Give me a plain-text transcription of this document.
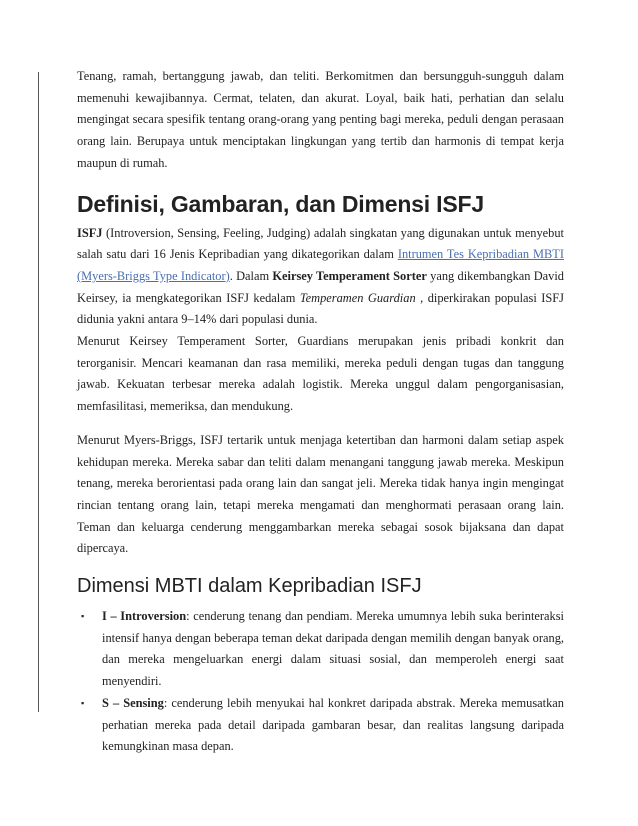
Tenang, ramah, bertanggung jawab, dan teliti. Berkomitmen dan bersungguh-sungguh dalam memenuhi kewajibannya. Cermat, telaten, dan akurat. Loyal, baik hati, perhatian dan selalu mengingat secara spesifik tentang orang-orang yang penting bagi mereka, peduli dengan perasaan orang lain. Berupaya untuk menciptakan lingkungan yang tertib dan harmonis di tempat kerja maupun di rumah.

Definisi, Gambaran, dan Dimensi ISFJ

ISFJ (Introversion, Sensing, Feeling, Judging) adalah singkatan yang digunakan untuk menyebut salah satu dari 16 Jenis Kepribadian yang dikategorikan dalam Intrumen Tes Kepribadian MBTI (Myers-Briggs Type Indicator). Dalam Keirsey Temperament Sorter yang dikembangkan David Keirsey, ia mengkategorikan ISFJ kedalam Temperamen Guardian , diperkirakan populasi ISFJ didunia yakni antara 9–14% dari populasi dunia.

Menurut Keirsey Temperament Sorter, Guardians merupakan jenis pribadi konkrit dan terorganisir. Mencari keamanan dan rasa memiliki, mereka peduli dengan tugas dan tanggung jawab. Kekuatan terbesar mereka adalah logistik. Mereka unggul dalam pengorganisasian, memfasilitasi, memeriksa, dan mendukung.

Menurut Myers-Briggs, ISFJ tertarik untuk menjaga ketertiban dan harmoni dalam setiap aspek kehidupan mereka. Mereka sabar dan teliti dalam menangani tanggung jawab mereka. Meskipun tenang, mereka berorientasi pada orang lain dan sangat jeli. Mereka tidak hanya ingin mengingat rincian tentang orang lain, tetapi mereka mengamati dan menghormati perasaan orang lain. Teman dan keluarga cenderung menggambarkan mereka sebagai sosok bijaksana dan dapat dipercaya.

Dimensi MBTI dalam Kepribadian ISFJ
▪ I – Introversion: cenderung tenang dan pendiam. Mereka umumnya lebih suka berinteraksi intensif hanya dengan beberapa teman dekat daripada dengan memilih dengan banyak orang, dan mereka mengeluarkan energi dalam situasi sosial, dan memperoleh energi saat menyendiri.
▪ S – Sensing: cenderung lebih menyukai hal konkret daripada abstrak. Mereka memusatkan perhatian mereka pada detail daripada gambaran besar, dan realitas langsung daripada kemungkinan masa depan.
